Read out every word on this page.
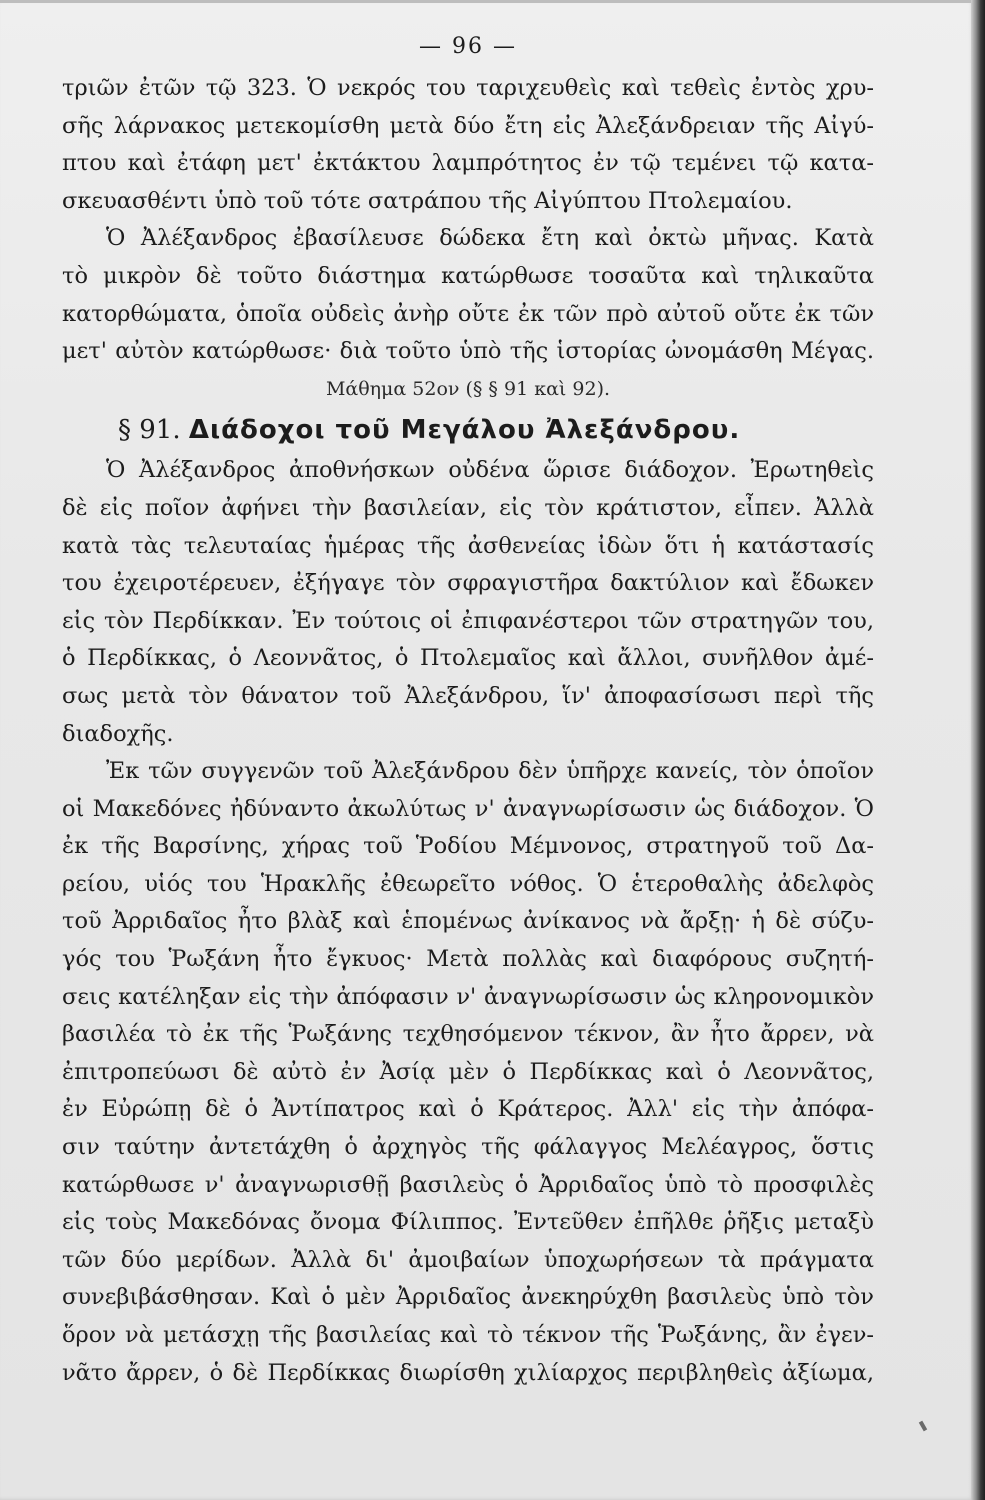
— 96 —
τριῶν ἐτῶν τῷ 323. Ὁ νεκρός του ταριχευθεὶς καὶ τεθεὶς ἐντὸς χρυ-
σῆς λάρνακος μετεκομίσθη μετὰ δύο ἔτη εἰς Ἀλεξάνδρειαν τῆς Αἰγύ-
πτου καὶ ἐτάφη μετ' ἐκτάκτου λαμπρότητος ἐν τῷ τεμένει τῷ κατα-
σκευασθέντι ὑπὸ τοῦ τότε σατράπου τῆς Αἰγύπτου Πτολεμαίου.
Ὁ Ἀλέξανδρος ἐβασίλευσε δώδεκα ἔτη καὶ ὀκτὼ μῆνας. Κατὰ
τὸ μικρὸν δὲ τοῦτο διάστημα κατώρθωσε τοσαῦτα καὶ τηλικαῦτα
κατορθώματα, ὁποῖα οὐδεὶς ἀνὴρ οὔτε ἐκ τῶν πρὸ αὐτοῦ οὔτε ἐκ τῶν
μετ' αὐτὸν κατώρθωσε· διὰ τοῦτο ὑπὸ τῆς ἱστορίας ὠνομάσθη Μέγας.
Μάθημα 52ον (§ § 91 καὶ 92).
§ 91. Διάδοχοι τοῦ Μεγάλου Ἀλεξάνδρου.
Ὁ Ἀλέξανδρος ἀποθνήσκων οὐδένα ὥρισε διάδοχον. Ἐρωτηθεὶς
δὲ εἰς ποῖον ἀφήνει τὴν βασιλείαν, εἰς τὸν κράτιστον, εἶπεν. Ἀλλὰ
κατὰ τὰς τελευταίας ἡμέρας τῆς ἀσθενείας ἰδὼν ὅτι ἡ κατάστασίς
του ἐχειροτέρευεν, ἐξήγαγε τὸν σφραγιστῆρα δακτύλιον καὶ ἔδωκεν
εἰς τὸν Περδίκκαν. Ἐν τούτοις οἱ ἐπιφανέστεροι τῶν στρατηγῶν του,
ὁ Περδίκκας, ὁ Λεοννᾶτος, ὁ Πτολεμαῖος καὶ ἄλλοι, συνῆλθον ἀμέ-
σως μετὰ τὸν θάνατον τοῦ Ἀλεξάνδρου, ἵν' ἀποφασίσωσι περὶ τῆς
διαδοχῆς.
Ἐκ τῶν συγγενῶν τοῦ Ἀλεξάνδρου δὲν ὑπῆρχε κανείς, τὸν ὁποῖον
οἱ Μακεδόνες ἠδύναντο ἀκωλύτως ν' ἀναγνωρίσωσιν ὡς διάδοχον. Ὁ
ἐκ τῆς Βαρσίνης, χήρας τοῦ Ῥοδίου Μέμνονος, στρατηγοῦ τοῦ Δα-
ρείου, υἱός του Ἡρακλῆς ἐθεωρεῖτο νόθος. Ὁ ἑτεροθαλὴς ἀδελφὸς
τοῦ Ἀρριδαῖος ἦτο βλὰξ καὶ ἑπομένως ἀνίκανος νὰ ἄρξῃ· ἡ δὲ σύζυ-
γός του Ῥωξάνη ἦτο ἔγκυος· Μετὰ πολλὰς καὶ διαφόρους συζητή-
σεις κατέληξαν εἰς τὴν ἀπόφασιν ν' ἀναγνωρίσωσιν ὡς κληρονομικὸν
βασιλέα τὸ ἐκ τῆς Ῥωξάνης τεχθησόμενον τέκνον, ἂν ἦτο ἄρρεν, νὰ
ἐπιτροπεύωσι δὲ αὐτὸ ἐν Ἀσίᾳ μὲν ὁ Περδίκκας καὶ ὁ Λεοννᾶτος,
ἐν Εὐρώπῃ δὲ ὁ Ἀντίπατρος καὶ ὁ Κράτερος. Ἀλλ' εἰς τὴν ἀπόφα-
σιν ταύτην ἀντετάχθη ὁ ἀρχηγὸς τῆς φάλαγγος Μελέαγρος, ὅστις
κατώρθωσε ν' ἀναγνωρισθῇ βασιλεὺς ὁ Ἀρριδαῖος ὑπὸ τὸ προσφιλὲς
εἰς τοὺς Μακεδόνας ὄνομα Φίλιππος. Ἐντεῦθεν ἐπῆλθε ῥῆξις μεταξὺ
τῶν δύο μερίδων. Ἀλλὰ δι' ἀμοιβαίων ὑποχωρήσεων τὰ πράγματα
συνεβιβάσθησαν. Καὶ ὁ μὲν Ἀρριδαῖος ἀνεκηρύχθη βασιλεὺς ὑπὸ τὸν
ὅρον νὰ μετάσχῃ τῆς βασιλείας καὶ τὸ τέκνον τῆς Ῥωξάνης, ἂν ἐγεν-
νᾶτο ἄρρεν, ὁ δὲ Περδίκκας διωρίσθη χιλίαρχος περιβληθεὶς ἀξίωμα,
